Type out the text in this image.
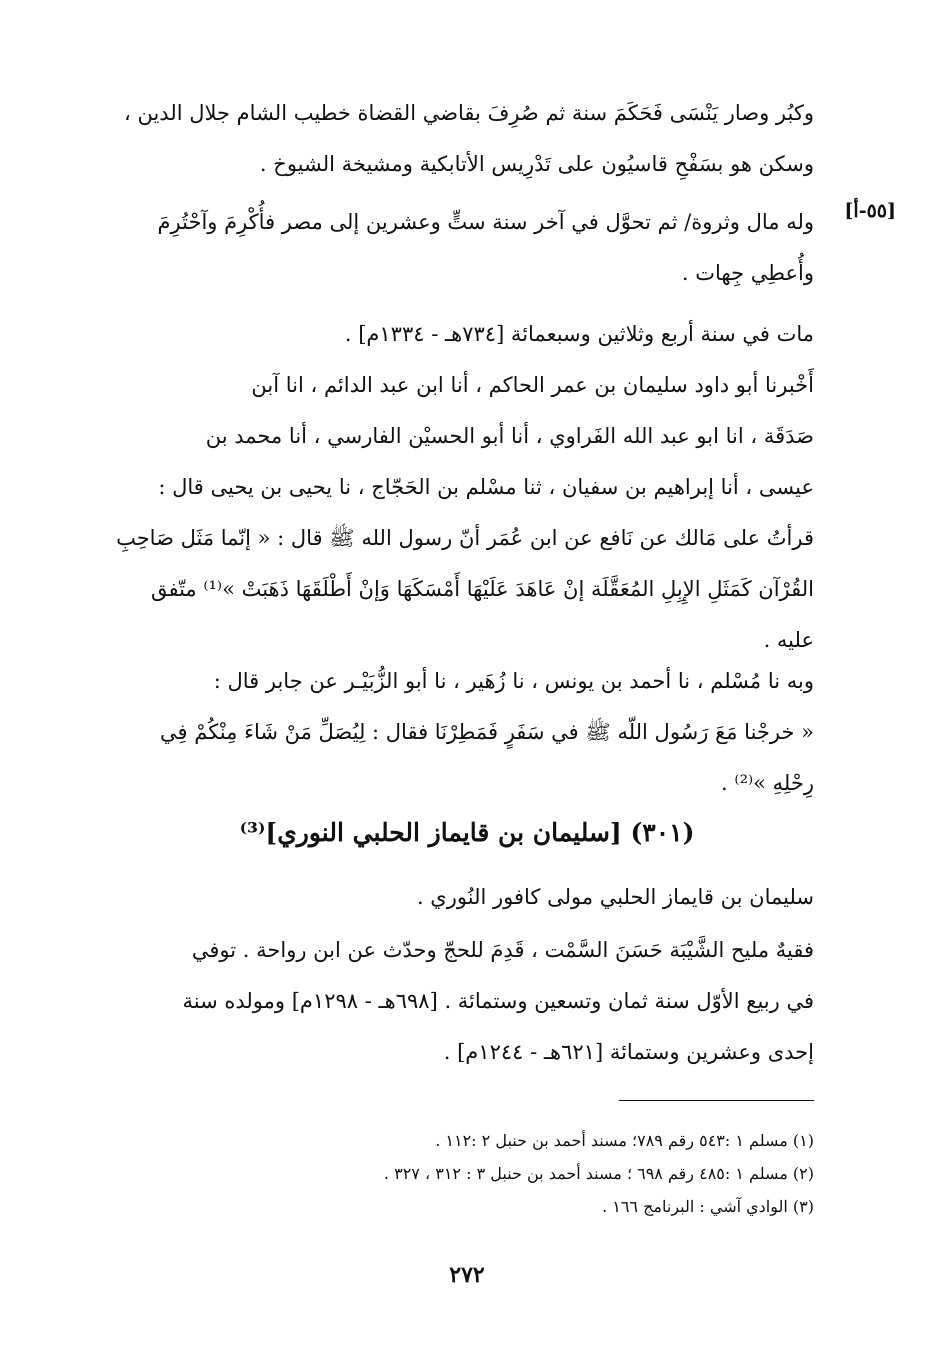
[٥٥-أ]

وكبُر وصار يَنْسَى فَحَكَمَ سنة ثم صُرِفَ بقاضي القضاة خطيب الشام جلال الدين ،

وسكن هو بسَفْحِ قاسيُون على تَدْرِيس الأتابكية ومشيخة الشيوخ .

وله مال وثروة/ ثم تحوَّل في آخر سنة ستٍّ وعشرين إلى مصر فأُكْرِمَ وآحْتُرِمَ

وأُعطِي جِهات .

مات في سنة أربع وثلاثين وسبعمائة [٧٣٤هـ - ١٣٣٤م] .

أَخْبرنا أبو داود سليمان بن عمر الحاكم ، أنا ابن عبد الدائم ، انا آبن

صَدَقَة ، انا ابو عبد الله الفَراوي ، أنا أبو الحسيْن الفارسي ، أنا محمد بن

عيسى ، أنا إبراهيم بن سفيان ، ثنا مسْلم بن الحَجّاج ، نا يحيى بن يحيى قال :

قرأتُ على مَالك عن نَافع عن ابن عُمَر أنّ رسول الله ﷺ قال : « إنّما مَثَل صَاحِبِ

القُرْآن كَمَثَلِ الإِبِلِ المُعَقَّلَة إنْ عَاهَدَ عَلَيْهَا أَمْسَكَهَا وَإنْ أَطْلَقَهَا ذَهَبَتْ »⁽¹⁾ متّفق

عليه .

وبه نا مُسْلم ، نا أحمد بن يونس ، نا زُهَير ، نا أبو الزُّبَيْـر عن جابر قال :

« خرجْنا مَعَ رَسُول اللّه ﷺ في سَفَرٍ فَمَطِرْنَا فقال : لِيُصَلِّ مَنْ شَاءَ مِنْكُمْ فِي

رِحْلِهِ »⁽²⁾ .

(٣٠١) [سليمان بن قايماز الحلبي النوري]⁽³⁾

سليمان بن قايماز الحلبي مولى كافور النُوري .

فقيهٌ مليح الشَّيْبَة حَسَنَ السَّمْت ، قَدِمَ للحجّ وحدّث عن ابن رواحة . توفي

في ربيع الأوّل سنة ثمان وتسعين وستمائة . [٦٩٨هـ - ١٢٩٨م] ومولده سنة

إحدى وعشرين وستمائة [٦٢١هـ - ١٢٤٤م] .

(١) مسلم ١ :٥٤٣ رقم ٧٨٩؛ مسند أحمد بن حنبل ٢ :١١٢ .
(٢) مسلم ١ :٤٨٥ رقم ٦٩٨ ؛ مسند أحمد بن حنبل ٣ : ٣١٢ ، ٣٢٧ .
(٣) الوادي آشي : البرنامج ١٦٦ .
٢٧٢
